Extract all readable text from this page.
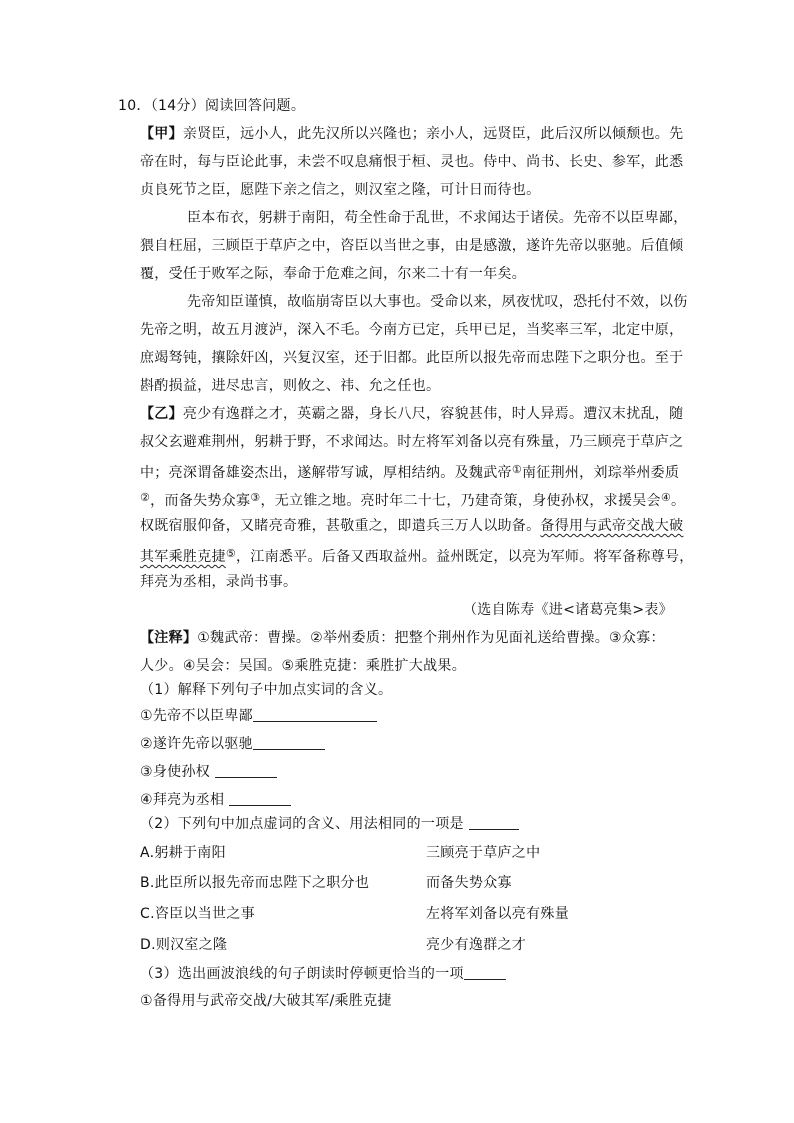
10．（14分）阅读回答问题。
【甲】亲贤臣，远小人，此先汉所以兴隆也；亲小人，远贤臣，此后汉所以倾颓也。先
帝在时，每与臣论此事，未尝不叹息痛恨于桓、灵也。侍中、尚书、长史、参军，此悉
贞良死节之臣，愿陛下亲之信之，则汉室之隆，可计日而待也。
臣本布衣，躬耕于南阳，苟全性命于乱世，不求闻达于诸侯。先帝不以臣卑鄙，
猥自枉屈，三顾臣于草庐之中，咨臣以当世之事，由是感激，遂许先帝以驱驰。后值倾
覆，受任于败军之际，奉命于危难之间，尔来二十有一年矣。
先帝知臣谨慎，故临崩寄臣以大事也。受命以来，夙夜忧叹，恐托付不效，以伤
先帝之明，故五月渡泸，深入不毛。今南方已定，兵甲已足，当奖率三军，北定中原，
庶竭驽钝，攘除奸凶，兴复汉室，还于旧都。此臣所以报先帝而忠陛下之职分也。至于
斟酌损益，进尽忠言，则攸之、祎、允之任也。
【乙】亮少有逸群之才，英霸之器，身长八尺，容貌甚伟，时人异焉。遭汉末扰乱，随
叔父玄避难荆州，躬耕于野，不求闻达。时左将军刘备以亮有殊量，乃三顾亮于草庐之
中；亮深谓备雄姿杰出，遂解带写诚，厚相结纳。及魏武帝①南征荆州，刘琮举州委质
②，而备失势众寡③，无立锥之地。亮时年二十七，乃建奇策，身使孙权，求援吴会④。
权既宿服仰备，又睹亮奇雅，甚敬重之，即遣兵三万人以助备。备得用与武帝交战大破
其军乘胜克捷⑤，江南悉平。后备又西取益州。益州既定，以亮为军师。将军备称尊号，
拜亮为丞相，录尚书事。
（选自陈寿《进<诸葛亮集>表》
【注释】①魏武帝：曹操。②举州委质：把整个荆州作为见面礼送给曹操。③众寡：
人少。④吴会：吴国。⑤乘胜克捷：乘胜扩大战果。
（1）解释下列句子中加点实词的含义。
①先帝不以臣卑鄙
②遂许先帝以驱驰
③身使孙权
④拜亮为丞相
（2）下列句中加点虚词的含义、用法相同的一项是
A.躬耕于南阳	三顾亮于草庐之中
B.此臣所以报先帝而忠陛下之职分也	而备失势众寡
C.咨臣以当世之事	左将军刘备以亮有殊量
D.则汉室之隆	亮少有逸群之才
（3）选出画波浪线的句子朗读时停顿更恰当的一项
①备得用与武帝交战/大破其军/乘胜克捷
